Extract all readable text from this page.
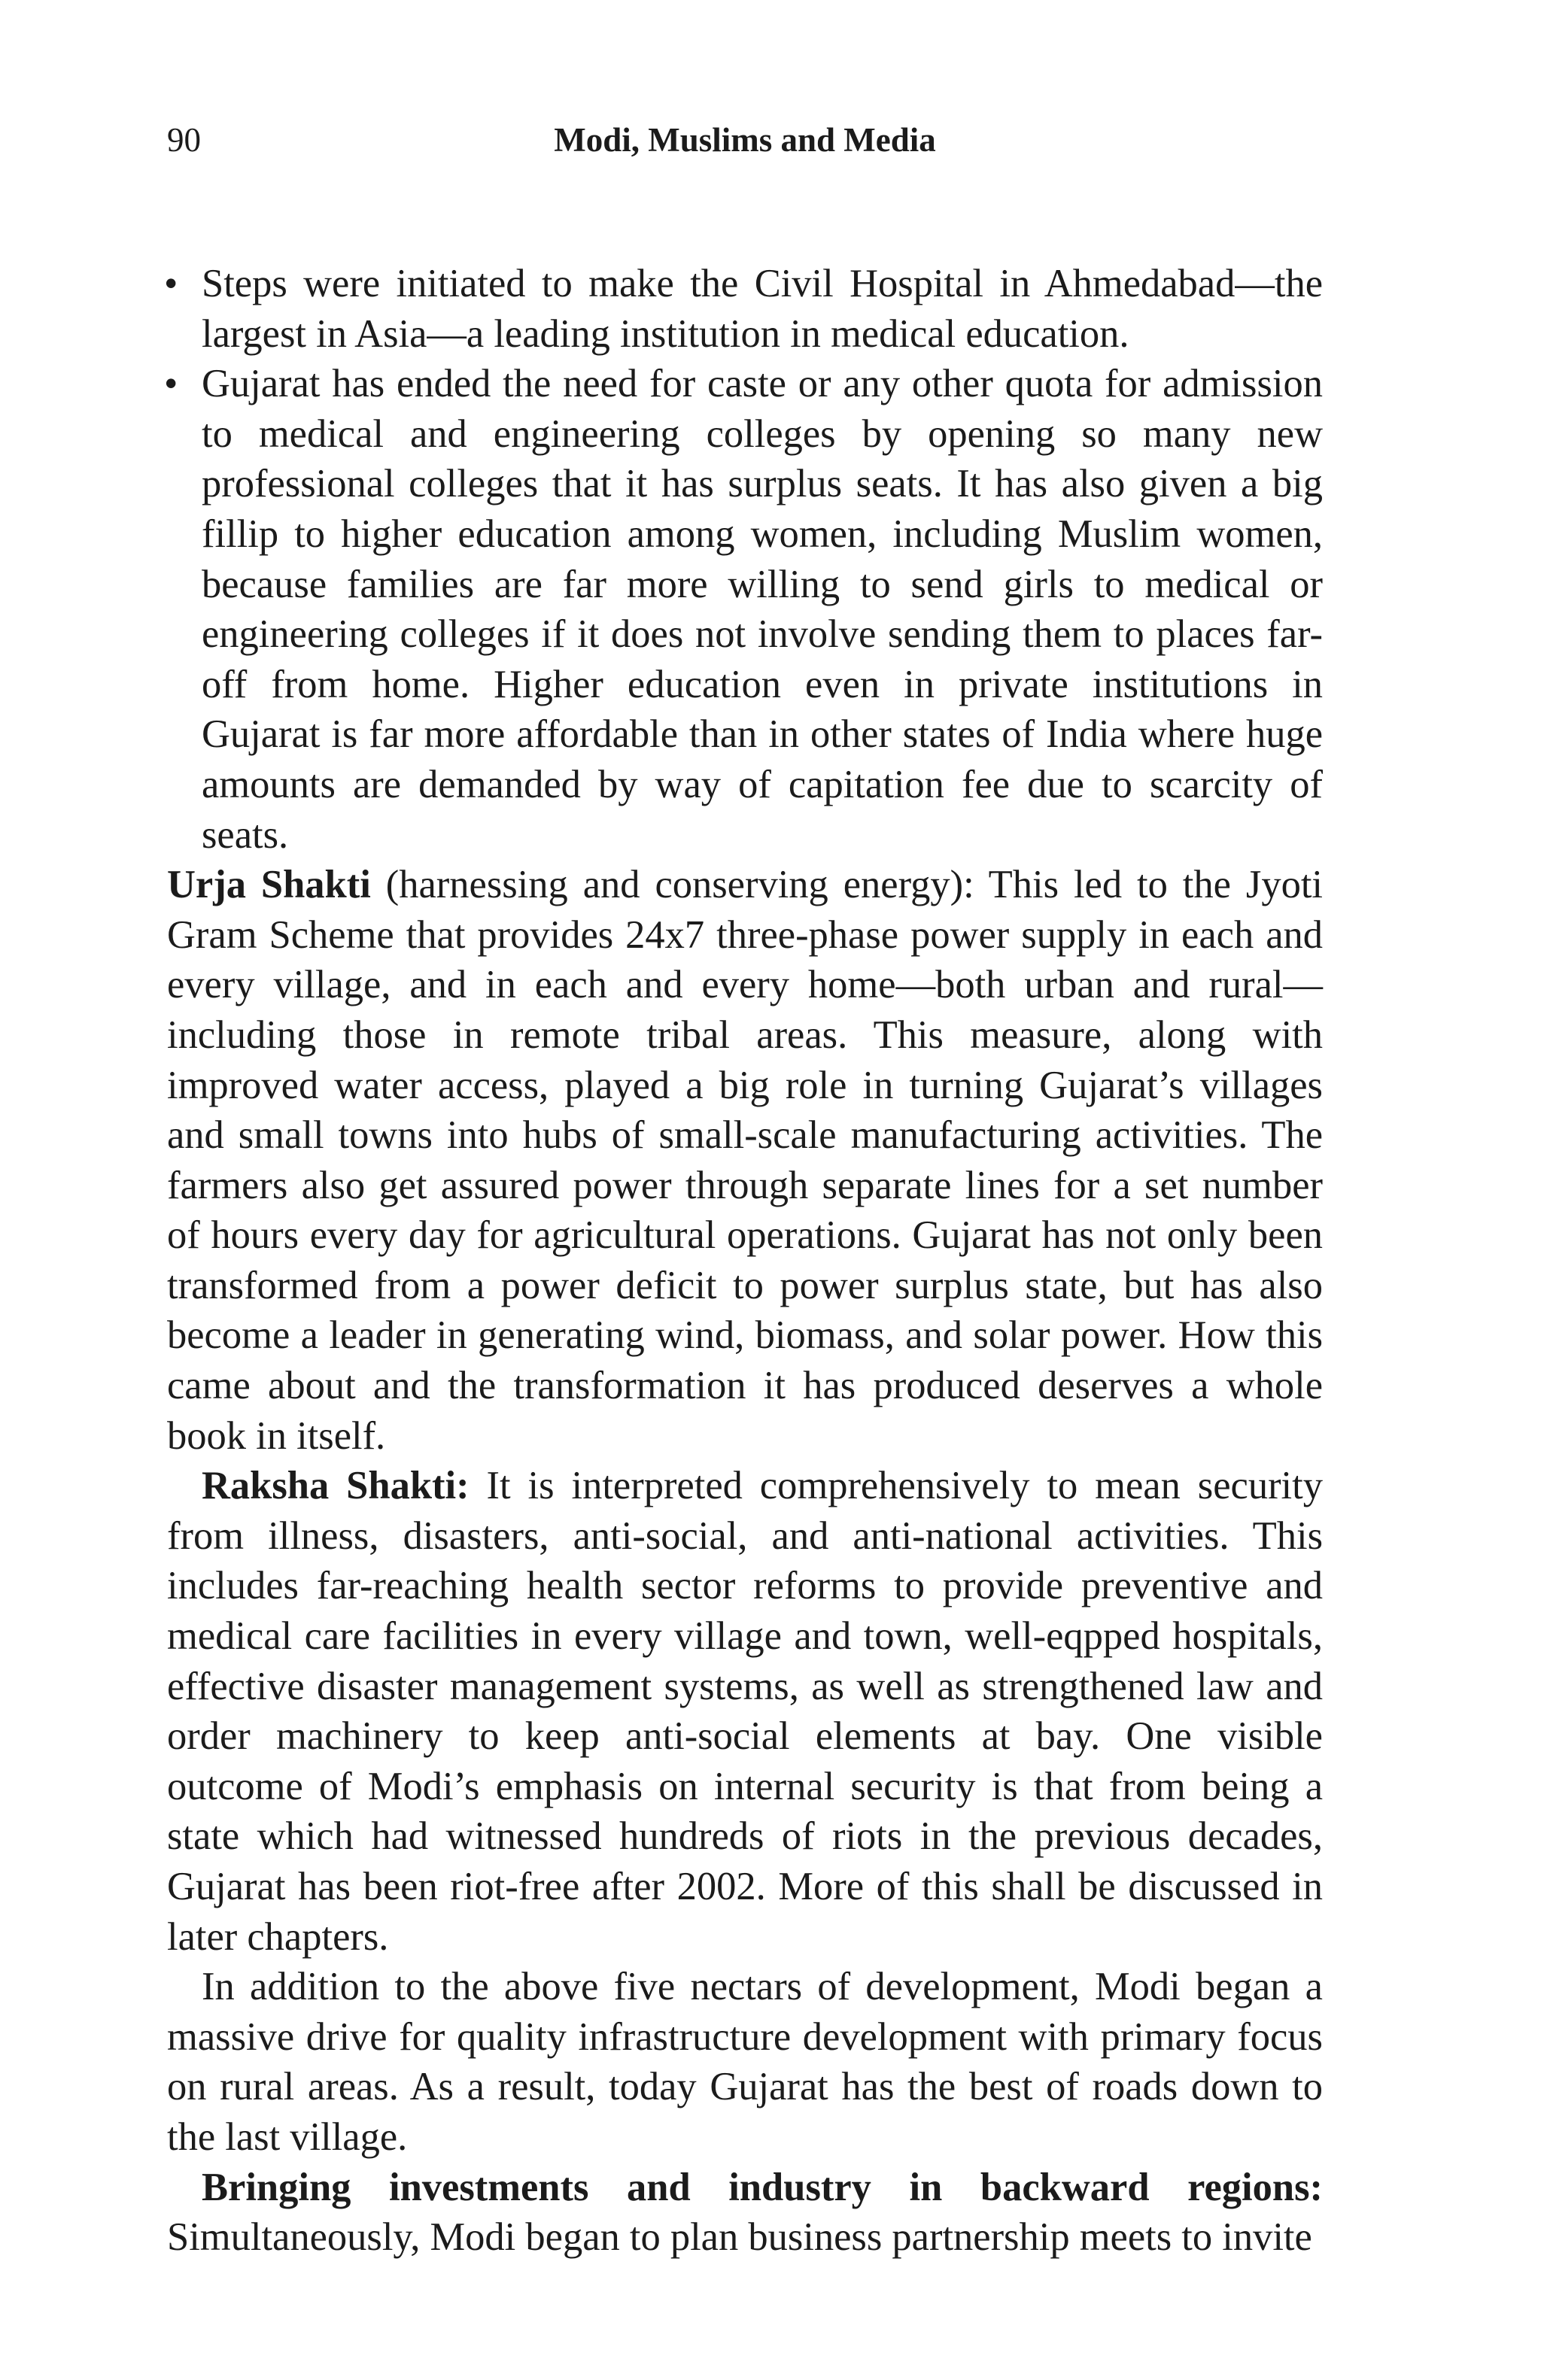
90	Modi, Muslims and Media
• Steps were initiated to make the Civil Hospital in Ahmedabad—the largest in Asia—a leading institution in medical education.
• Gujarat has ended the need for caste or any other quota for admission to medical and engineering colleges by opening so many new professional colleges that it has surplus seats. It has also given a big fillip to higher education among women, including Muslim women, because families are far more willing to send girls to medical or engineering colleges if it does not involve sending them to places far-off from home. Higher education even in private institutions in Gujarat is far more affordable than in other states of India where huge amounts are demanded by way of capitation fee due to scarcity of seats.

Urja Shakti (harnessing and conserving energy): This led to the Jyoti Gram Scheme that provides 24x7 three-phase power supply in each and every village, and in each and every home—both urban and rural—including those in remote tribal areas. This measure, along with improved water access, played a big role in turning Gujarat’s villages and small towns into hubs of small-scale manufacturing activities. The farmers also get assured power through separate lines for a set number of hours every day for agricultural operations. Gujarat has not only been transformed from a power deficit to power surplus state, but has also become a leader in generating wind, biomass, and solar power. How this came about and the transformation it has produced deserves a whole book in itself.

Raksha Shakti: It is interpreted comprehensively to mean security from illness, disasters, anti-social, and anti-national activities. This includes far-reaching health sector reforms to provide preventive and medical care facilities in every village and town, well-eqpped hospitals, effective disaster management systems, as well as strengthened law and order machinery to keep anti-social elements at bay. One visible outcome of Modi’s emphasis on internal security is that from being a state which had witnessed hundreds of riots in the previous decades, Gujarat has been riot-free after 2002. More of this shall be discussed in later chapters.

In addition to the above five nectars of development, Modi began a massive drive for quality infrastructure development with primary focus on rural areas. As a result, today Gujarat has the best of roads down to the last village.

Bringing investments and industry in backward regions: Simultaneously, Modi began to plan business partnership meets to invite
